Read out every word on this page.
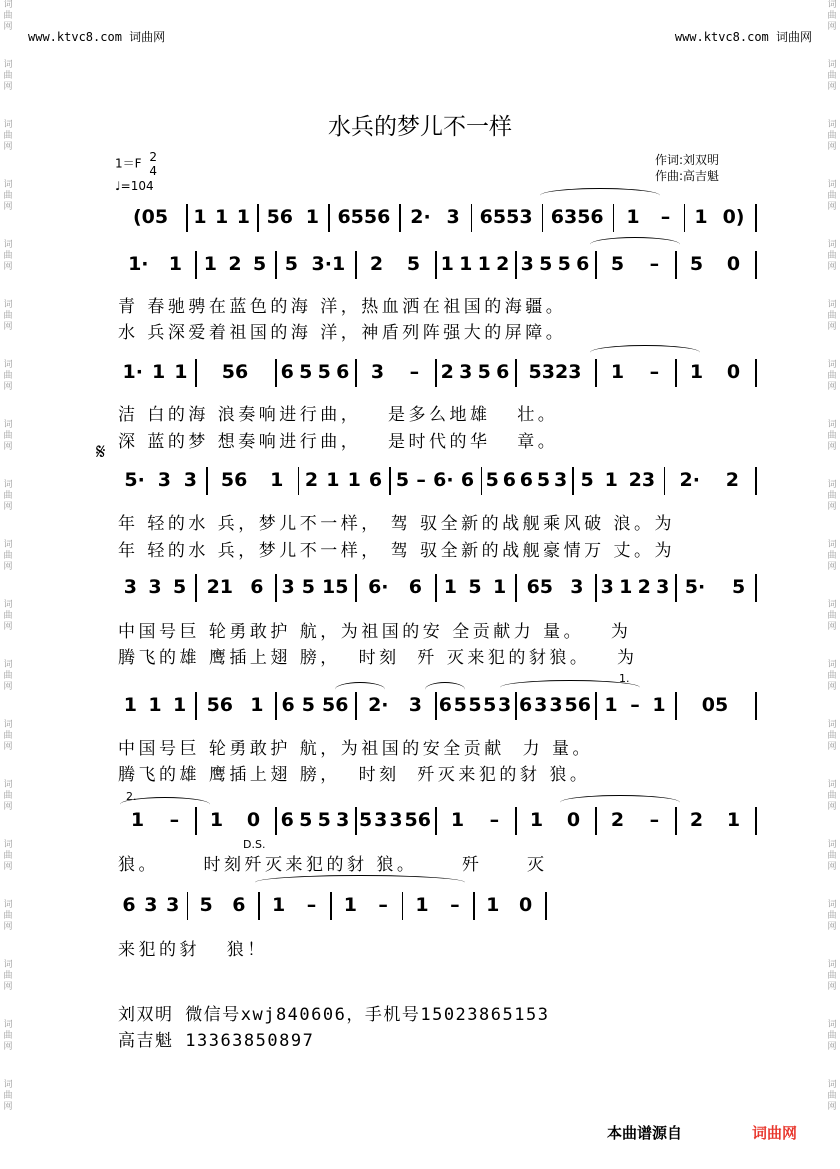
词
曲
网
词
曲
网
词
曲
网
词
曲
网
词
曲
网
词
曲
网
词
曲
网
词
曲
网
词
曲
网
词
曲
网
词
曲
网
词
曲
网
词
曲
网
词
曲
网
词
曲
网
词
曲
网
词
曲
网
词
曲
网
词
曲
网
词
曲
网
词
曲
网
词
曲
网
词
曲
网
词
曲
网
词
曲
网
词
曲
网
词
曲
网
词
曲
网
词
曲
网
词
曲
网
词
曲
网
词
曲
网
词
曲
网
词
曲
网
词
曲
网
词
曲
网
词
曲
网
词
曲
网
www.ktvc8.com 词曲网	www.ktvc8.com 词曲网
水兵的梦儿不一样
1＝F 2
4
♩=104
作词:刘双明
作曲:高吉魁
𝄋
1.
2.
D.S.
(05 1 1 1 56 1 6556 2· 3 6553 6356 1 – 1 0)
1· 1 1 2 5 5 3·1 2 5 1 1 1 2 3 5 5 6 5 – 5 0
1· 1 1 56 6 5 5 6 3 – 2 3 5 6 5323 1 – 1 0
5· 3 3 56 1 2 1 1 6 5 – 6· 6 5 6 6 5 3 5 1 23 2· 2
3 3 5 21 6 3 5 15 6· 6 1 5 1 65 3 3 1 2 3 5· 5
1 1 1 56 1 6 5 56 2· 3 6 5 5 5 3 6 3 3 56 1 – 1 05
1 – 1 0 6 5 5 3 5 3 3 56 1 – 1 0 2 – 2 1
6 3 3 5 6 1 – 1 – 1 – 1 0
青 春驰骋在蓝色的海 洋，热血洒在祖国的海疆。
水 兵深爱着祖国的海 洋，神盾列阵强大的屏障。
洁 白的海 浪奏响进行曲，   是多么地雄   壮。
深 蓝的梦 想奏响进行曲，   是时代的华   章。
年 轻的水 兵，梦儿不一样， 驾 驭全新的战舰乘风破 浪。为
年 轻的水 兵，梦儿不一样， 驾 驭全新的战舰豪情万 丈。为
中国号巨 轮勇敢护 航，为祖国的安 全贡献力 量。   为
腾飞的雄 鹰插上翅 膀，  时刻  歼 灭来犯的豺狼。   为
中国号巨 轮勇敢护 航，为祖国的安全贡献  力 量。
腾飞的雄 鹰插上翅 膀，  时刻  歼灭来犯的豺 狼。
狼。     时刻歼灭来犯的豺 狼。     歼     灭
来犯的豺   狼！
刘双明 微信号xwj840606，手机号15023865153
高吉魁 13363850897
本曲谱源自	词曲网
